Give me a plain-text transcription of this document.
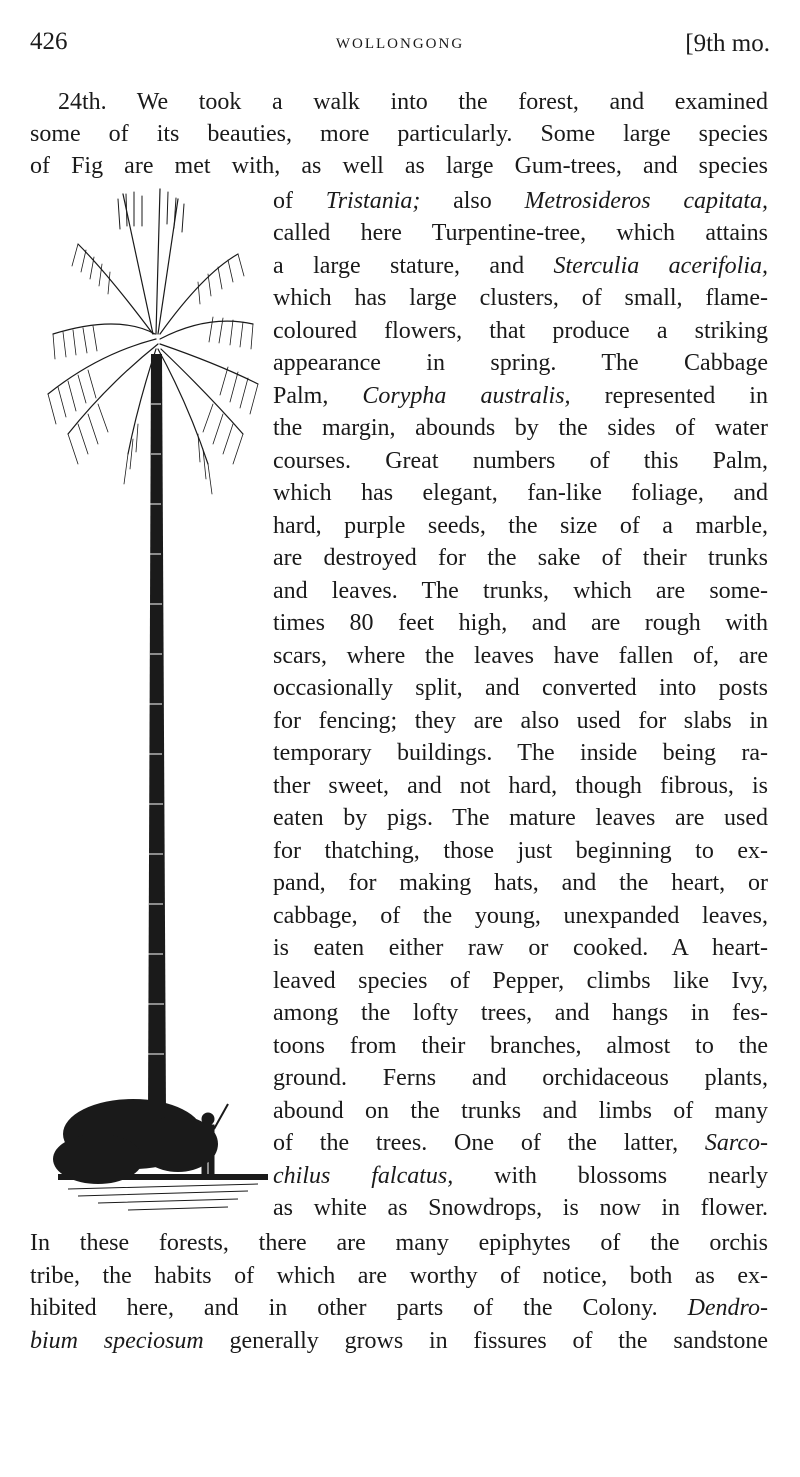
426	WOLLONGONG	[9th mo.
24th. We took a walk into the forest, and examined
some of its beauties, more particularly. Some large species
of Fig are met with, as well as large Gum-trees, and species
of Tristania; also Metrosideros capitata,
called here Turpentine-tree, which attains
a large stature, and Sterculia acerifolia,
which has large clusters, of small, flame-
coloured flowers, that produce a striking
appearance in spring. The Cabbage
Palm, Corypha australis, represented in
the margin, abounds by the sides of water
courses. Great numbers of this Palm,
which has elegant, fan-like foliage, and
hard, purple seeds, the size of a marble,
are destroyed for the sake of their trunks
and leaves. The trunks, which are some-
times 80 feet high, and are rough with
scars, where the leaves have fallen of, are
occasionally split, and converted into posts
for fencing; they are also used for slabs in
temporary buildings. The inside being ra-
ther sweet, and not hard, though fibrous, is
eaten by pigs. The mature leaves are used
for thatching, those just beginning to ex-
pand, for making hats, and the heart, or
cabbage, of the young, unexpanded leaves,
is eaten either raw or cooked. A heart-
leaved species of Pepper, climbs like Ivy,
among the lofty trees, and hangs in fes-
toons from their branches, almost to the
ground. Ferns and orchidaceous plants,
abound on the trunks and limbs of many
of the trees. One of the latter, Sarco-
chilus falcatus, with blossoms nearly
as white as Snowdrops, is now in flower.
In these forests, there are many epiphytes of the orchis
tribe, the habits of which are worthy of notice, both as ex-
hibited here, and in other parts of the Colony. Dendro-
bium speciosum generally grows in fissures of the sandstone
